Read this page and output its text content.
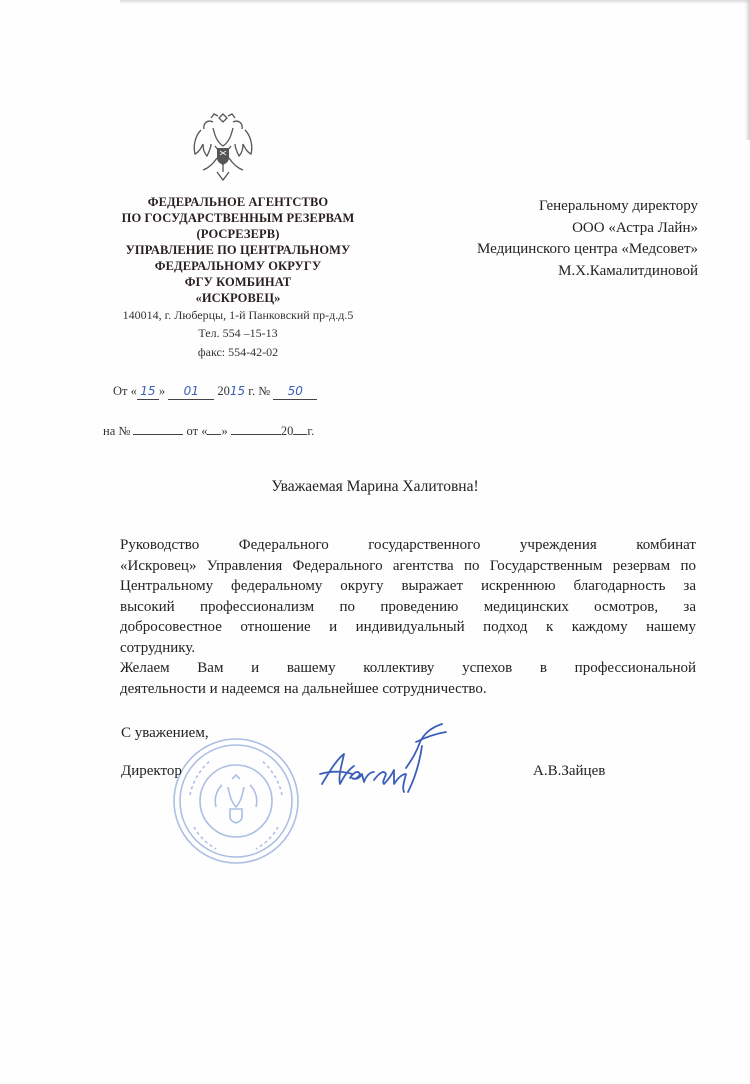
ФЕДЕРАЛЬНОЕ АГЕНТСТВО
ПО ГОСУДАРСТВЕННЫМ РЕЗЕРВАМ
(РОСРЕЗЕРВ)
УПРАВЛЕНИЕ ПО ЦЕНТРАЛЬНОМУ
ФЕДЕРАЛЬНОМУ ОКРУГУ
ФГУ КОМБИНАТ
«ИСКРОВЕЦ»
140014, г. Люберцы, 1-й Панковский пр-д.д.5
Тел. 554 –15-13
факс: 554-42-02
От « 15 » 01 2015 г. № 50
на №	от « »	20 г.
Генеральному директору
ООО «Астра Лайн»
Медицинского центра «Медсовет»
М.Х.Камалитдиновой
Уважаемая Марина Халитовна!

Руководство Федерального государственного учреждения комбинат
«Искровец» Управления Федерального агентства по Государственным резервам по
Центральному федеральному округу выражает искреннюю благодарность за
высокий профессионализм по проведению медицинских осмотров, за
добросовестное отношение и индивидуальный подход к каждому нашему
сотруднику.

Желаем Вам и вашему коллективу успехов в профессиональной
деятельности и надеемся на дальнейшее сотрудничество.

С уважением,
Директор	А.В.Зайцев
